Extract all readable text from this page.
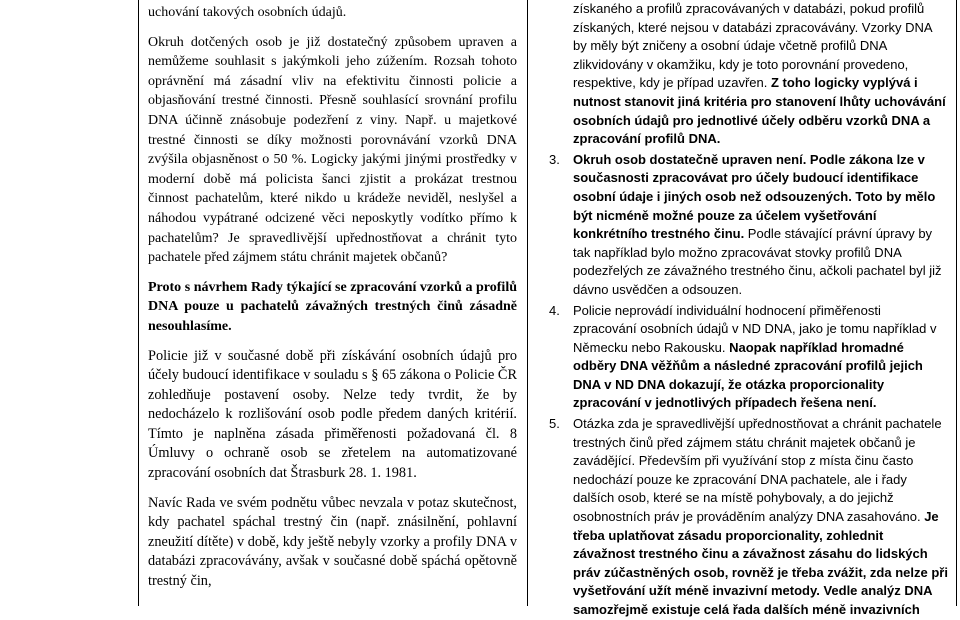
uchování takových osobních údajů.

Okruh dotčených osob je již dostatečný způsobem upraven a nemůžeme souhlasit s jakýmkoli jeho zúžením. Rozsah tohoto oprávnění má zásadní vliv na efektivitu činnosti policie a objasňování trestné činnosti. Přesně souhlasící srovnání profilu DNA účinně znásobuje podezření z viny. Např. u majetkové trestné činnosti se díky možnosti porovnávání vzorků DNA zvýšila objasněnost o 50 %. Logicky jakými jinými prostředky v moderní době má policista šanci zjistit a prokázat trestnou činnost pachatelům, které nikdo u krádeže neviděl, neslyšel a náhodou vypátrané odcizené věci neposkytly vodítko přímo k pachatelům? Je spravedlivější upřednostňovat a chránit tyto pachatele před zájmem státu chránit majetek občanů?

Proto s návrhem Rady týkající se zpracování vzorků a profilů DNA pouze u pachatelů závažných trestných činů zásadně nesouhlasíme.

Policie již v současné době při získávání osobních údajů pro účely budoucí identifikace v souladu s § 65 zákona o Policie ČR zohledňuje postavení osoby. Nelze tedy tvrdit, že by nedocházelo k rozlišování osob podle předem daných kritérií. Tímto je naplněna zásada přiměřenosti požadovaná čl. 8 Úmluvy o ochraně osob se zřetelem na automatizované zpracování osobních dat Štrasburk 28. 1. 1981.

Navíc Rada ve svém podnětu vůbec nevzala v potaz skutečnost, kdy pachatel spáchal trestný čin (např. znásilnění, pohlavní zneužití dítěte) v době, kdy ještě nebyly vzorky a profily DNA v databázi zpracovávány, avšak v současné době spáchá opětovně trestný čin,

získaného a profilů zpracovávaných v databázi, pokud profilů získaných, které nejsou v databázi zpracovávány. Vzorky DNA by měly být zničeny a osobní údaje včetně profilů DNA zlikvidovány v okamžiku, kdy je toto porovnání provedeno, respektive, kdy je případ uzavřen. Z toho logicky vyplývá i nutnost stanovit jiná kritéria pro stanovení lhůty uchovávání osobních údajů pro jednotlivé účely odběru vzorků DNA a zpracování profilů DNA.

3. Okruh osob dostatečně upraven není. Podle zákona lze v současnosti zpracovávat pro účely budoucí identifikace osobní údaje i jiných osob než odsouzených. Toto by mělo být nicméně možné pouze za účelem vyšetřování konkrétního trestného činu. Podle stávající právní úpravy by tak například bylo možno zpracovávat stovky profilů DNA podezřelých ze závažného trestného činu, ačkoli pachatel byl již dávno usvědčen a odsouzen.
4. Policie neprovádí individuální hodnocení přiměřenosti zpracování osobních údajů v ND DNA, jako je tomu například v Německu nebo Rakousku. Naopak například hromadné odběry DNA věžňům a následné zpracování profilů jejich DNA v ND DNA dokazují, že otázka proporcionality zpracování v jednotlivých případech řešena není.
5. Otázka zda je spravedlivější upřednostňovat a chránit pachatele trestných činů před zájmem státu chránit majetek občanů je zavádějící. Především při využívání stop z místa činu často nedochází pouze ke zpracování DNA pachatele, ale i řady dalších osob, které se na místě pohybovaly, a do jejichž osobnostních práv je prováděním analýzy DNA zasahováno. Je třeba uplatňovat zásadu proporcionality, zohlednit závažnost trestného činu a závažnost zásahu do lidských práv zúčastněných osob, rovněž je třeba zvážit, zda nelze při vyšetřování užít méně invazivní metody. Vedle analýz DNA samozřejmě existuje celá řada dalších méně invazivních
